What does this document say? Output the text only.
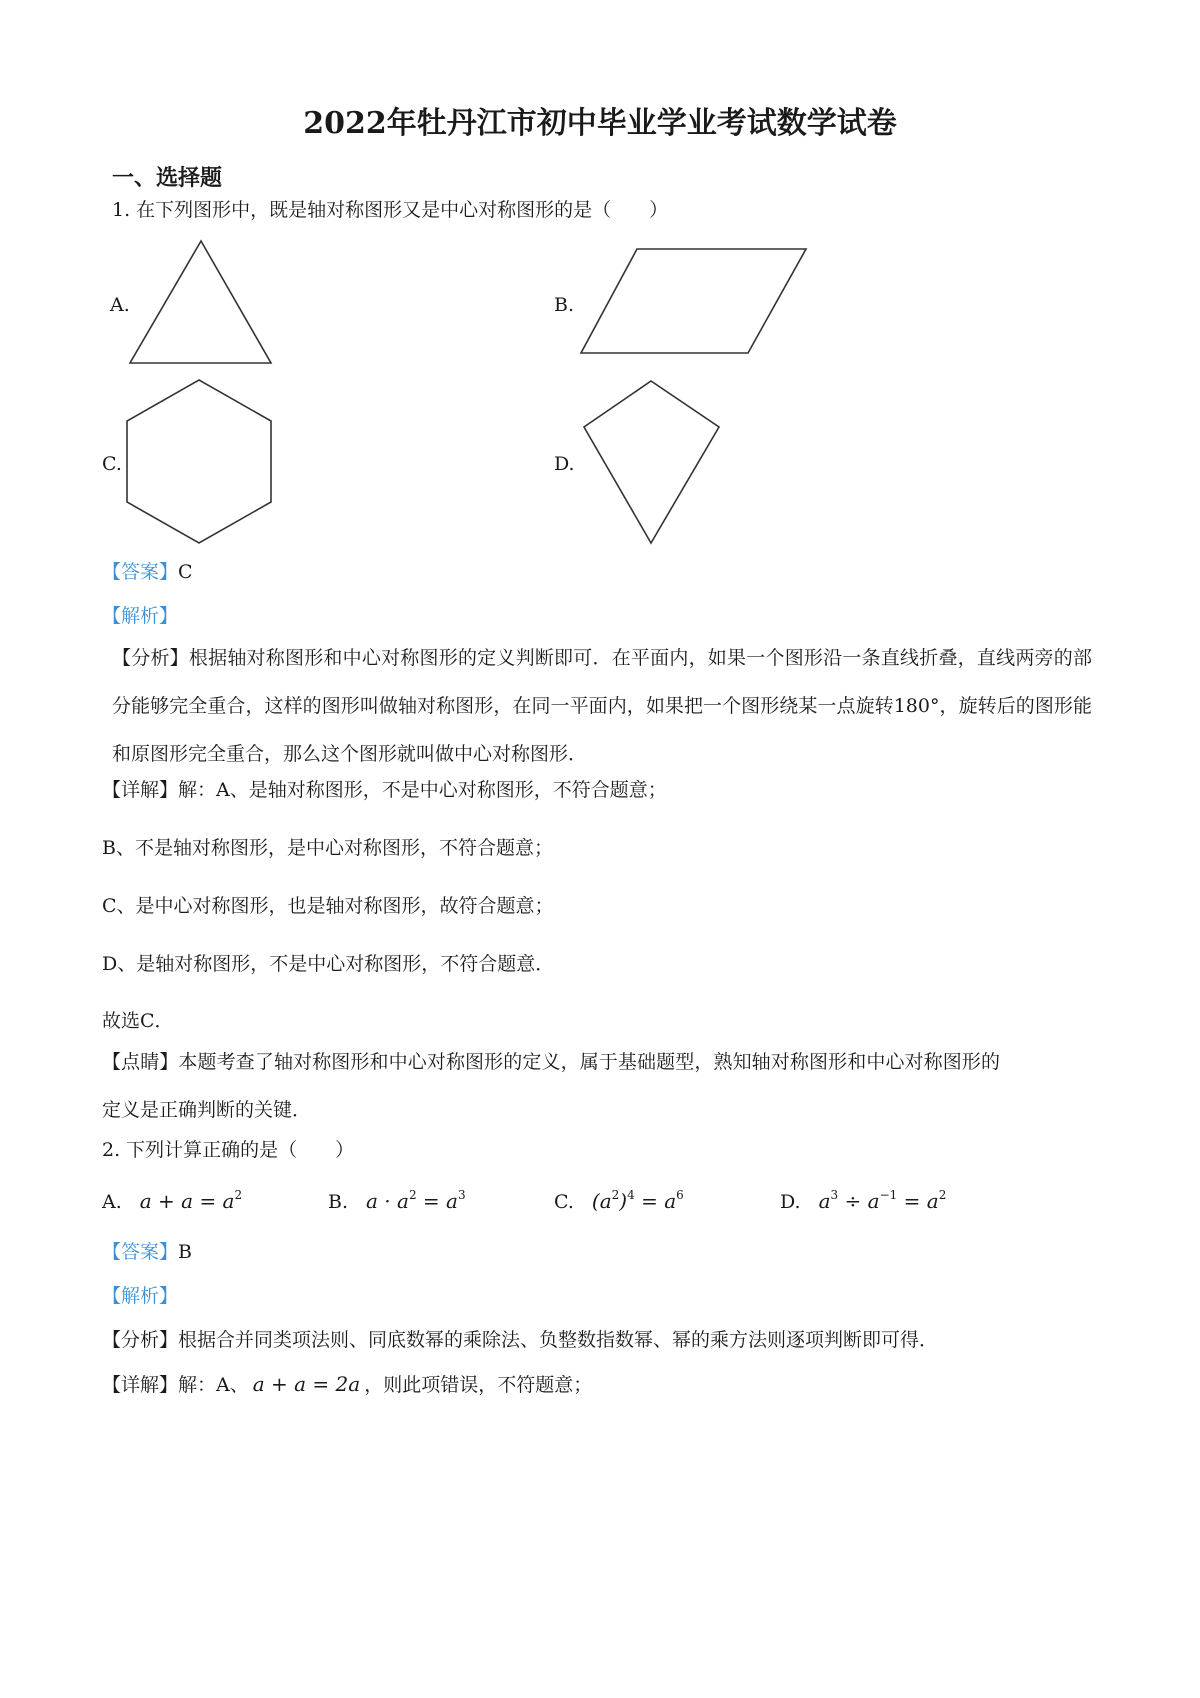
2022年牡丹江市初中毕业学业考试数学试卷
一、选择题
1. 在下列图形中，既是轴对称图形又是中心对称图形的是（　　）
A.	B.
C.	D.
【答案】C
【解析】
【分析】根据轴对称图形和中心对称图形的定义判断即可．在平面内，如果一个图形沿一条直线折叠，直线两旁的部分能够完全重合，这样的图形叫做轴对称图形，在同一平面内，如果把一个图形绕某一点旋转180°，旋转后的图形能和原图形完全重合，那么这个图形就叫做中心对称图形．
【详解】解：A、是轴对称图形，不是中心对称图形，不符合题意；
B、不是轴对称图形，是中心对称图形，不符合题意；
C、是中心对称图形，也是轴对称图形，故符合题意；
D、是轴对称图形，不是中心对称图形，不符合题意．
故选C．
【点睛】本题考查了轴对称图形和中心对称图形的定义，属于基础题型，熟知轴对称图形和中心对称图形的定义是正确判断的关键．
2. 下列计算正确的是（　　）
A. $a + a = a^2$	B. $a \cdot a^2 = a^3$	C. $(a^2)^4 = a^6$	D. $a^3 \div a^{-1} = a^2$
【答案】B
【解析】
【分析】根据合并同类项法则、同底数幂的乘除法、负整数指数幂、幂的乘方法则逐项判断即可得．
【详解】解：A、 a + a = 2a ，则此项错误，不符题意；
